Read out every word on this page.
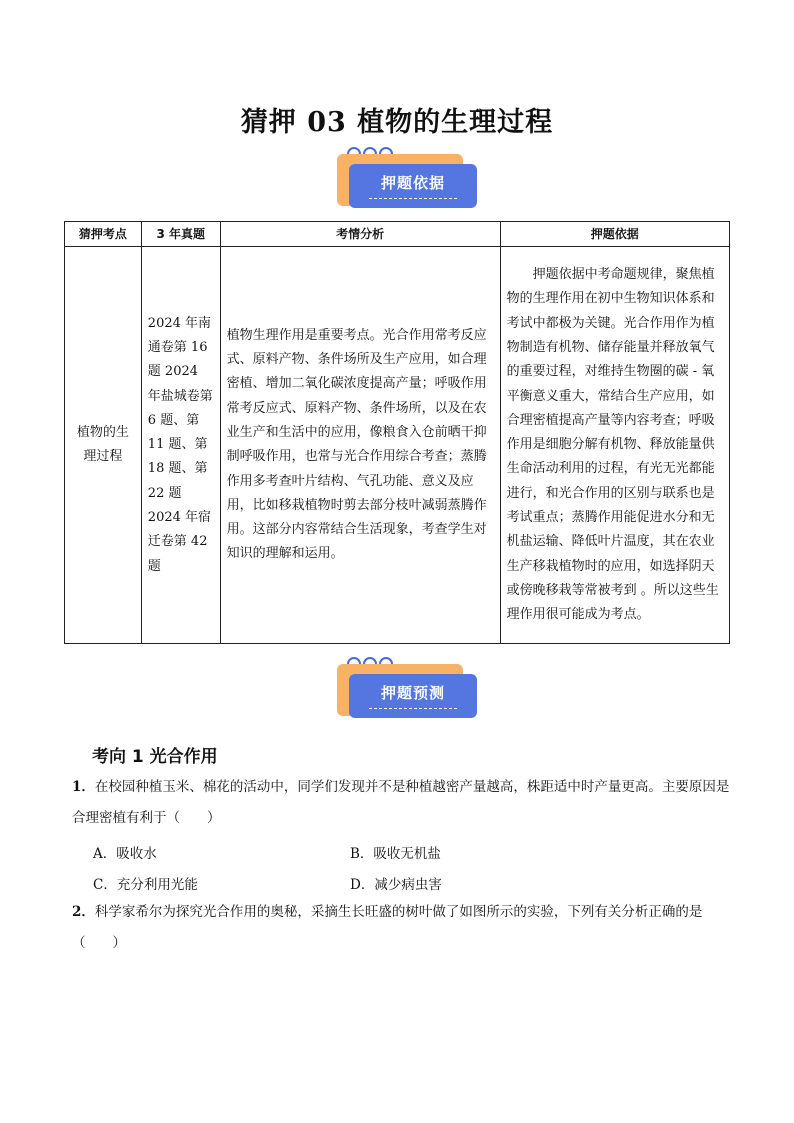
猜押 03 植物的生理过程
押题依据
猜押考点	3 年真题	考情分析	押题依据
植物的生理过程	2024 年南通卷第 16 题 2024 年盐城卷第 6 题、第 11 题、第 18 题、第 22 题 2024 年宿迁卷第 42 题	植物生理作用是重要考点。光合作用常考反应式、原料产物、条件场所及生产应用，如合理密植、增加二氧化碳浓度提高产量；呼吸作用常考反应式、原料产物、条件场所，以及在农业生产和生活中的应用，像粮食入仓前晒干抑制呼吸作用，也常与光合作用综合考查；蒸腾作用多考查叶片结构、气孔功能、意义及应用，比如移栽植物时剪去部分枝叶减弱蒸腾作用。这部分内容常结合生活现象，考查学生对知识的理解和运用。	押题依据中考命题规律，聚焦植物的生理作用在初中生物知识体系和考试中都极为关键。光合作用作为植物制造有机物、储存能量并释放氧气的重要过程，对维持生物圈的碳 - 氧平衡意义重大，常结合生产应用，如合理密植提高产量等内容考查；呼吸作用是细胞分解有机物、释放能量供生命活动利用的过程，有光无光都能进行，和光合作用的区别与联系也是考试重点；蒸腾作用能促进水分和无机盐运输、降低叶片温度，其在农业生产移栽植物时的应用，如选择阴天或傍晚移栽等常被考到 。所以这些生理作用很可能成为考点。
押题预测
考向 1 光合作用
1．在校园种植玉米、棉花的活动中，同学们发现并不是种植越密产量越高，株距适中时产量更高。主要原因是合理密植有利于（　　）
A．吸收水	B．吸收无机盐
C．充分利用光能	D．减少病虫害
2．科学家希尔为探究光合作用的奥秘，采摘生长旺盛的树叶做了如图所示的实验，下列有关分析正确的是（　　）
